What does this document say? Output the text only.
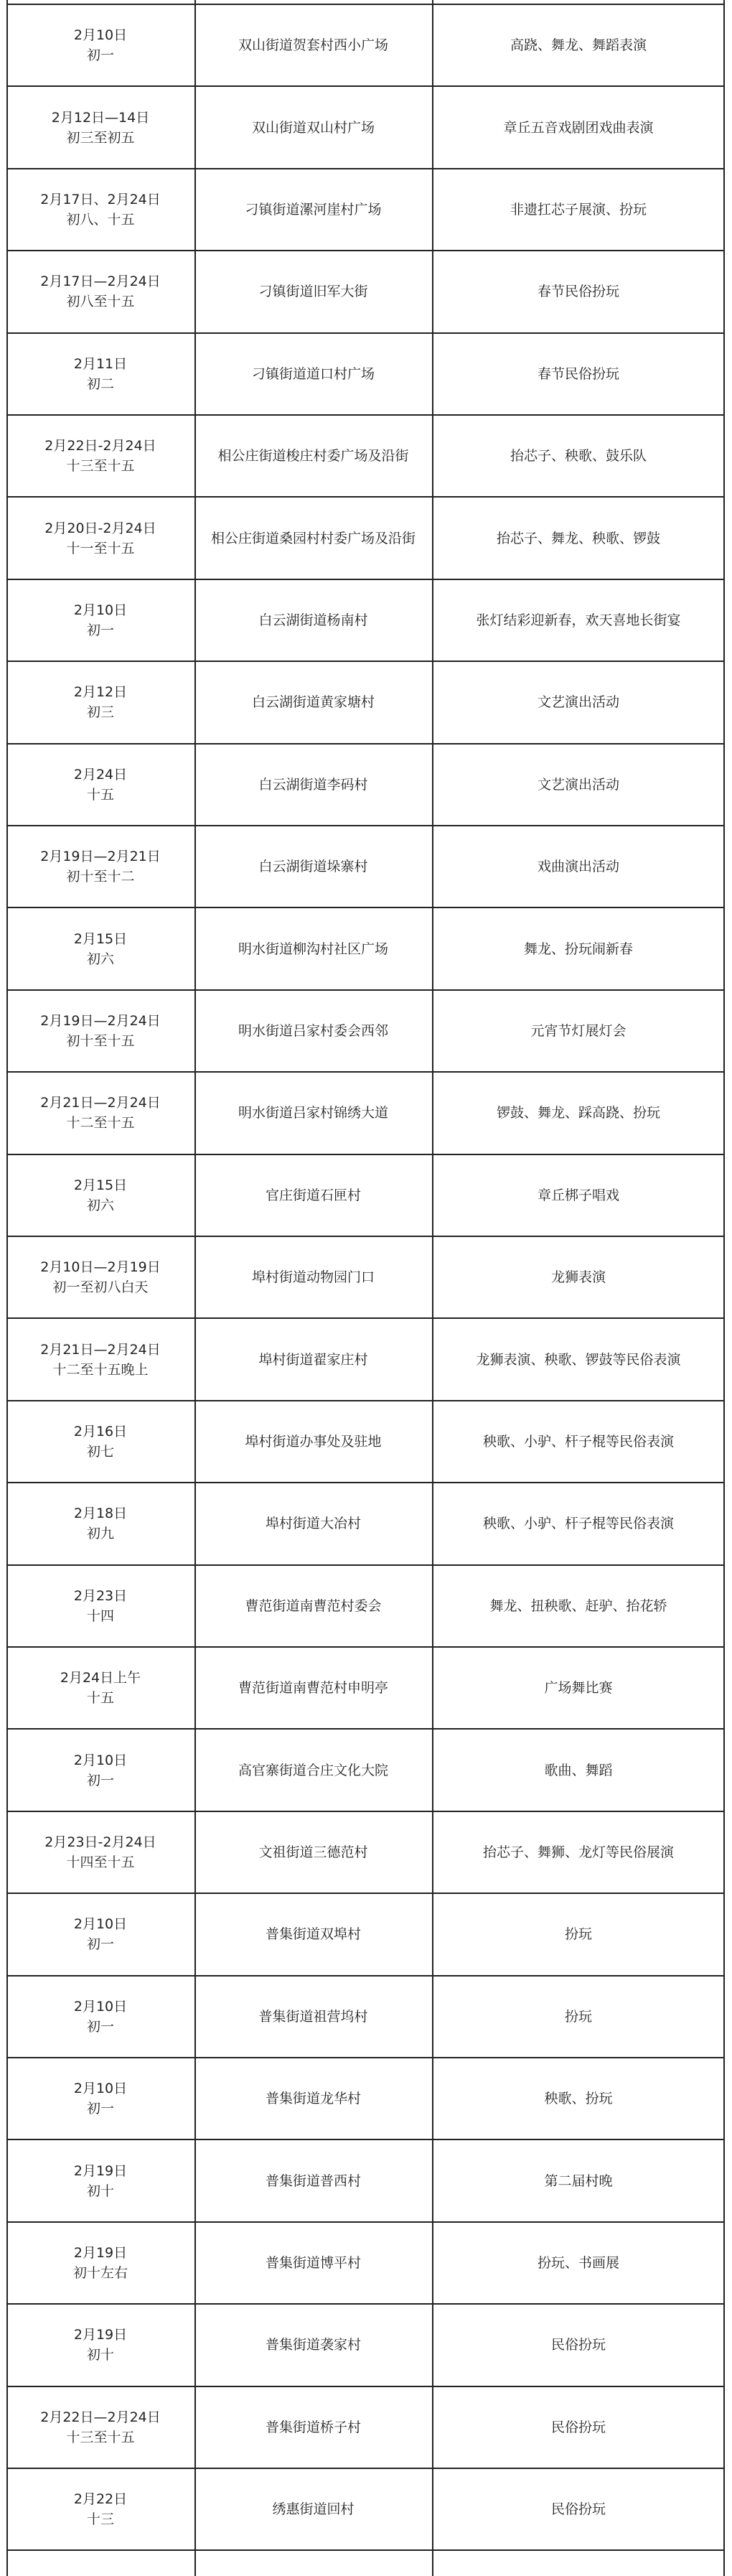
2月10日
初一
双山街道贺套村西小广场	高跷、舞龙、舞蹈表演
2月12日—14日
初三至初五
双山街道双山村广场	章丘五音戏剧团戏曲表演
2月17日、2月24日
初八、十五
刁镇街道漯河崖村广场	非遗扛芯子展演、扮玩
2月17日—2月24日
初八至十五
刁镇街道旧军大街	春节民俗扮玩
2月11日
初二
刁镇街道道口村广场	春节民俗扮玩
2月22日-2月24日
十三至十五
相公庄街道梭庄村委广场及沿街	抬芯子、秧歌、鼓乐队
2月20日-2月24日
十一至十五
相公庄街道桑园村村委广场及沿街	抬芯子、舞龙、秧歌、锣鼓
2月10日
初一
白云湖街道杨南村	张灯结彩迎新春，欢天喜地长街宴
2月12日
初三
白云湖街道黄家塘村	文艺演出活动
2月24日
十五
白云湖街道李码村	文艺演出活动
2月19日—2月21日
初十至十二
白云湖街道垛寨村	戏曲演出活动
2月15日
初六
明水街道柳沟村社区广场	舞龙、扮玩闹新春
2月19日—2月24日
初十至十五
明水街道吕家村委会西邻	元宵节灯展灯会
2月21日—2月24日
十二至十五
明水街道吕家村锦绣大道	锣鼓、舞龙、踩高跷、扮玩
2月15日
初六
官庄街道石匣村	章丘梆子唱戏
2月10日—2月19日
初一至初八白天
埠村街道动物园门口	龙狮表演
2月21日—2月24日
十二至十五晚上
埠村街道翟家庄村	龙狮表演、秧歌、锣鼓等民俗表演
2月16日
初七
埠村街道办事处及驻地	秧歌、小驴、杆子棍等民俗表演
2月18日
初九
埠村街道大冶村	秧歌、小驴、杆子棍等民俗表演
2月23日
十四
曹范街道南曹范村委会	舞龙、扭秧歌、赶驴、抬花轿
2月24日上午
十五
曹范街道南曹范村申明亭	广场舞比赛
2月10日
初一
高官寨街道合庄文化大院	歌曲、舞蹈
2月23日-2月24日
十四至十五
文祖街道三德范村	抬芯子、舞狮、龙灯等民俗展演
2月10日
初一
普集街道双埠村	扮玩
2月10日
初一
普集街道祖营坞村	扮玩
2月10日
初一
普集街道龙华村	秧歌、扮玩
2月19日
初十
普集街道普西村	第二届村晚
2月19日
初十左右
普集街道博平村	扮玩、书画展
2月19日
初十
普集街道袭家村	民俗扮玩
2月22日—2月24日
十三至十五
普集街道桥子村	民俗扮玩
2月22日
十三
绣惠街道回村	民俗扮玩
